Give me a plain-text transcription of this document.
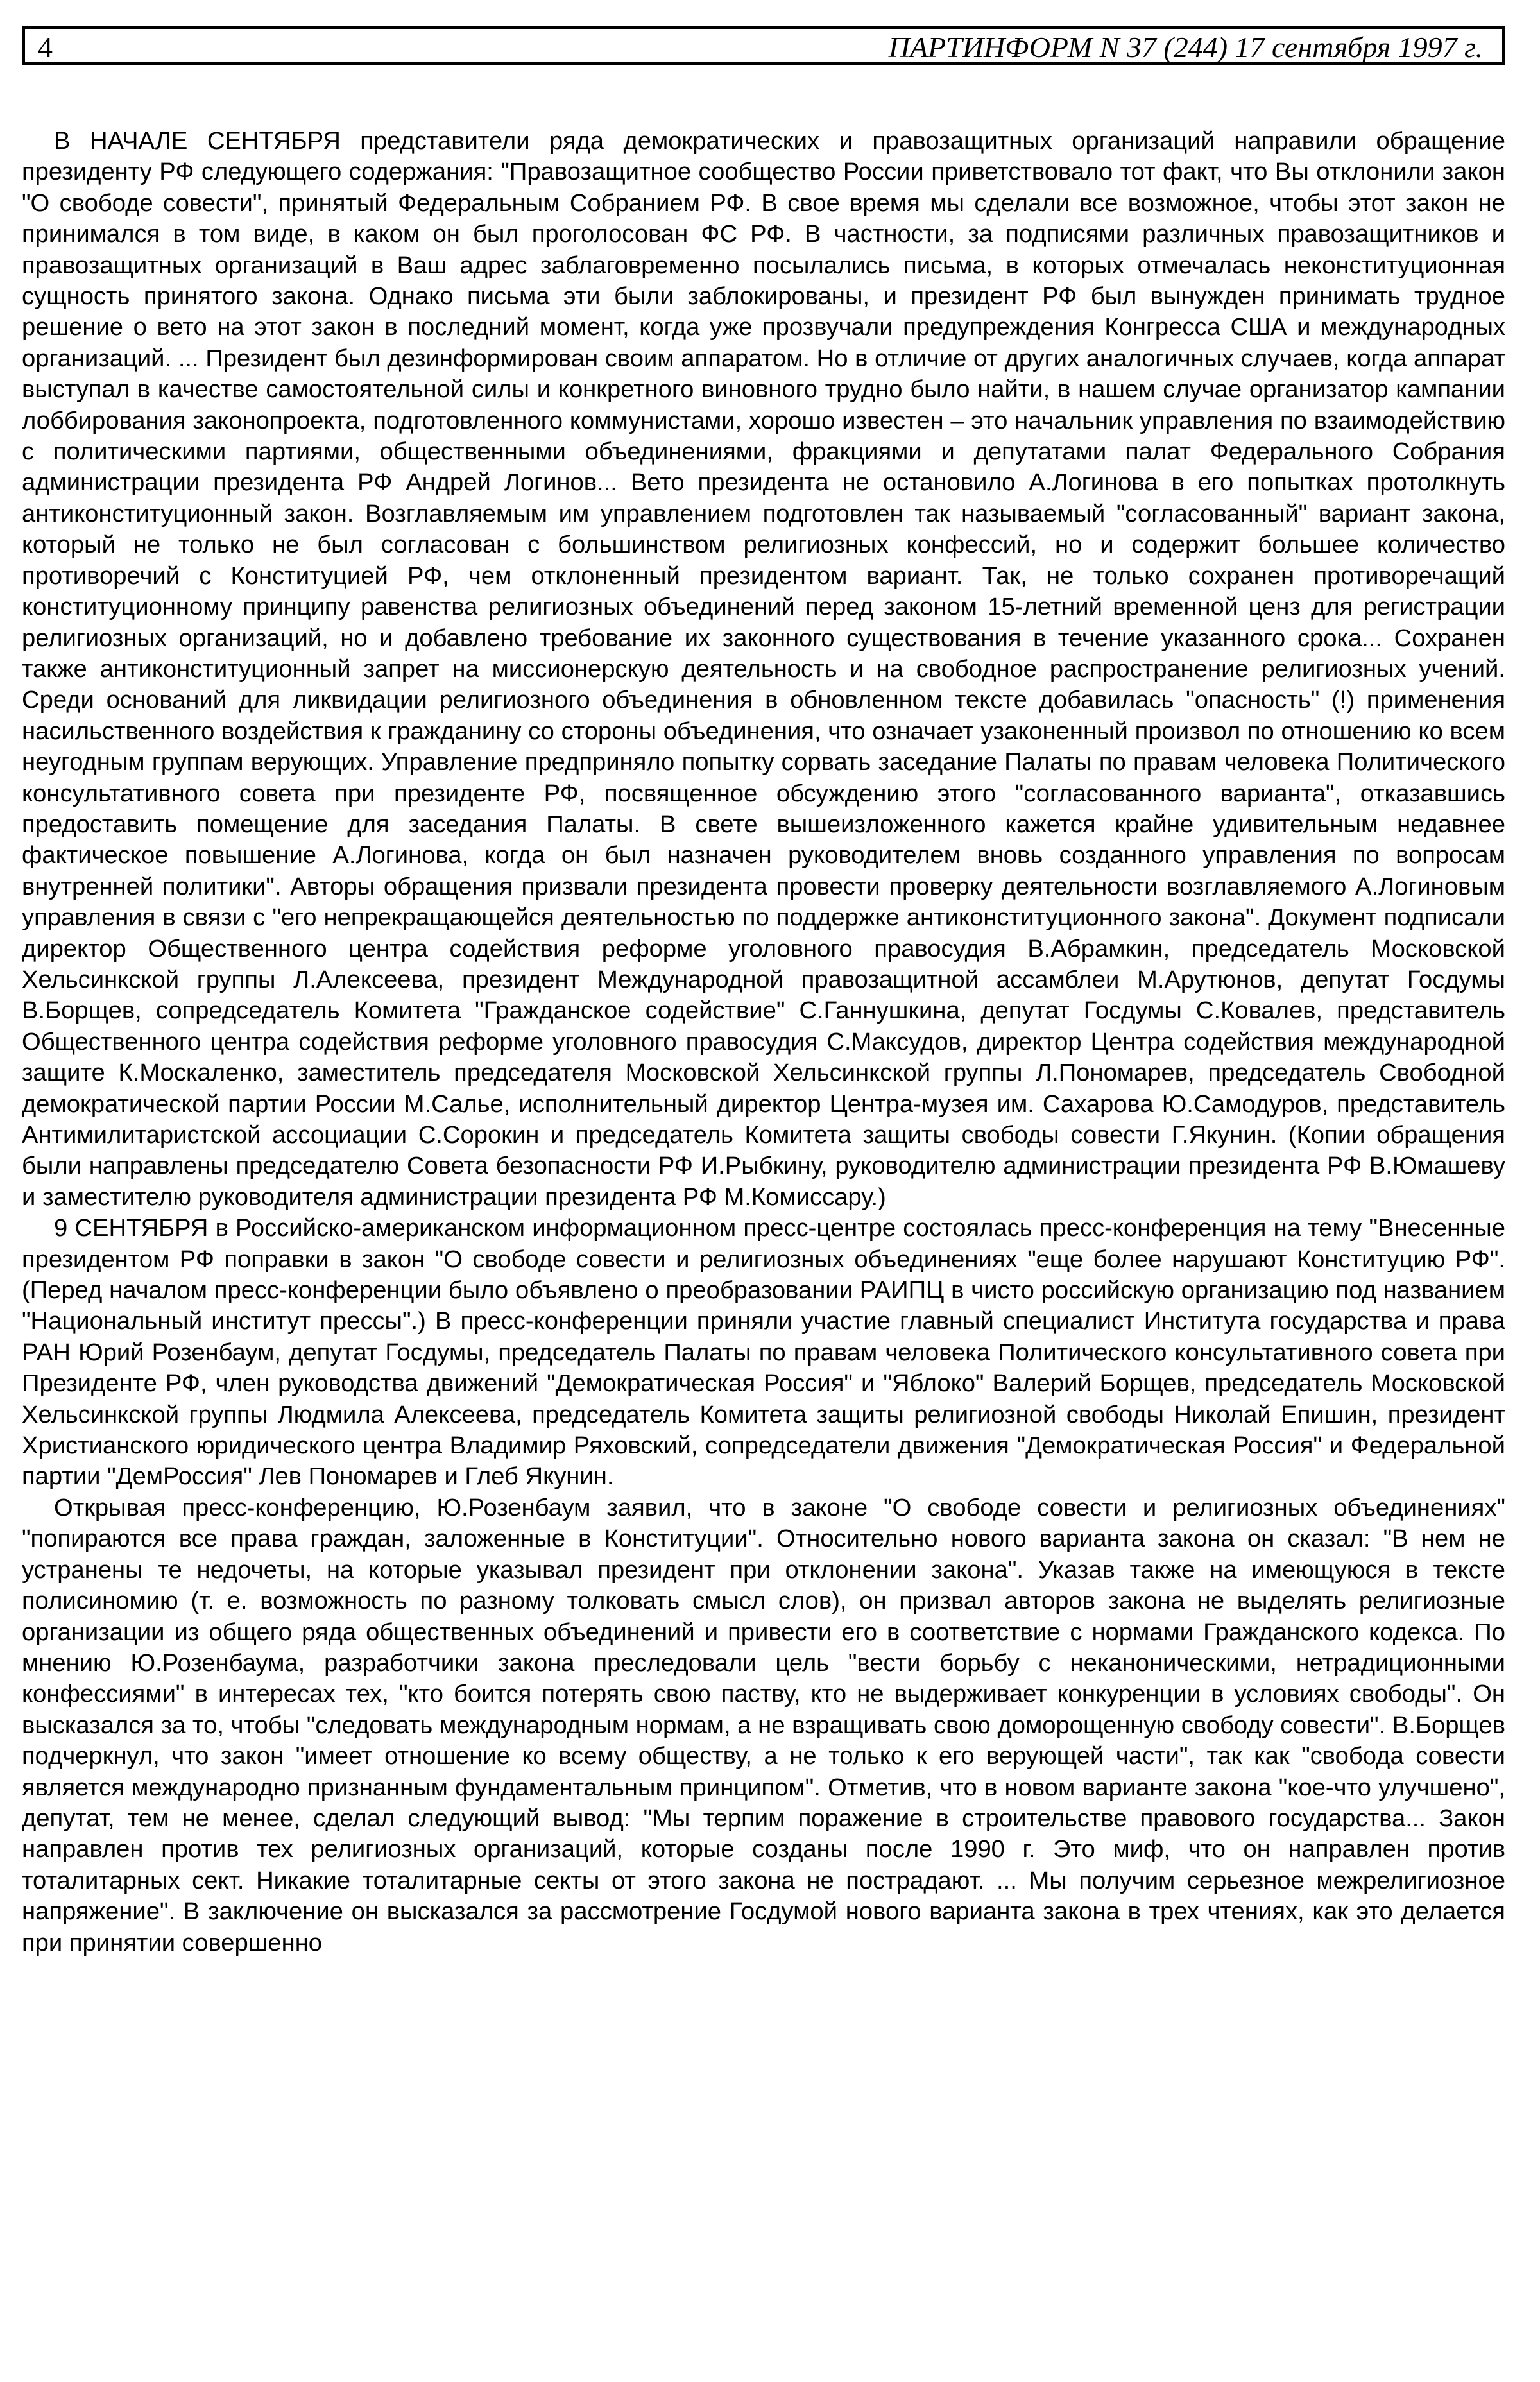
4	ПАРТИНФОРМ N 37 (244) 17 сентября 1997 г.

В НАЧАЛЕ СЕНТЯБРЯ представители ряда демократических и правозащитных организаций направили обращение президенту РФ следующего содержания: "Правозащитное сообщество России приветствовало тот факт, что Вы отклонили закон "О свободе совести", принятый Федеральным Собранием РФ. В свое время мы сделали все возможное, чтобы этот закон не принимался в том виде, в каком он был проголосован ФС РФ. В частности, за подписями различных правозащитников и правозащитных организаций в Ваш адрес заблаговременно посылались письма, в которых отмечалась неконституционная сущность принятого закона. Однако письма эти были заблокированы, и президент РФ был вынужден принимать трудное решение о вето на этот закон в последний момент, когда уже прозвучали предупреждения Конгресса США и международных организаций. ... Президент был дезинформирован своим аппаратом. Но в отличие от других аналогичных случаев, когда аппарат выступал в качестве самостоятельной силы и конкретного виновного трудно было найти, в нашем случае организатор кампании лоббирования законопроекта, подготовленного коммунистами, хорошо известен – это начальник управления по взаимодействию с политическими партиями, общественными объединениями, фракциями и депутатами палат Федерального Собрания администрации президента РФ Андрей Логинов... Вето президента не остановило А.Логинова в его попытках протолкнуть антиконституционный закон. Возглавляемым им управлением подготовлен так называемый "согласованный" вариант закона, который не только не был согласован с большинством религиозных конфессий, но и содержит большее количество противоречий с Конституцией РФ, чем отклоненный президентом вариант. Так, не только сохранен противоречащий конституционному принципу равенства религиозных объединений перед законом 15-летний временной ценз для регистрации религиозных организаций, но и добавлено требование их законного существования в течение указанного срока... Сохранен также антиконституционный запрет на миссионерскую деятельность и на свободное распространение религиозных учений. Среди оснований для ликвидации религиозного объединения в обновленном тексте добавилась "опасность" (!) применения насильственного воздействия к гражданину со стороны объединения, что означает узаконенный произвол по отношению ко всем неугодным группам верующих. Управление предприняло попытку сорвать заседание Палаты по правам человека Политического консультативного совета при президенте РФ, посвященное обсуждению этого "согласованного варианта", отказавшись предоставить помещение для заседания Палаты. В свете вышеизложенного кажется крайне удивительным недавнее фактическое повышение А.Логинова, когда он был назначен руководителем вновь созданного управления по вопросам внутренней политики". Авторы обращения призвали президента провести проверку деятельности возглавляемого А.Логиновым управления в связи с "его непрекращающейся деятельностью по поддержке антиконституционного закона". Документ подписали директор Общественного центра содействия реформе уголовного правосудия В.Абрамкин, председатель Московской Хельсинкской группы Л.Алексеева, президент Международной правозащитной ассамблеи М.Арутюнов, депутат Госдумы В.Борщев, сопредседатель Комитета "Гражданское содействие" С.Ганнушкина, депутат Госдумы С.Ковалев, представитель Общественного центра содействия реформе уголовного правосудия С.Максудов, директор Центра содействия международной защите К.Москаленко, заместитель председателя Московской Хельсинкской группы Л.Пономарев, председатель Свободной демократической партии России М.Салье, исполнительный директор Центра-музея им. Сахарова Ю.Самодуров, представитель Антимилитаристской ассоциации С.Сорокин и председатель Комитета защиты свободы совести Г.Якунин. (Копии обращения были направлены председателю Совета безопасности РФ И.Рыбкину, руководителю администрации президента РФ В.Юмашеву и заместителю руководителя администрации президента РФ М.Комиссару.)

9 СЕНТЯБРЯ в Российско-американском информационном пресс-центре состоялась пресс-конференция на тему "Внесенные президентом РФ поправки в закон "О свободе совести и религиозных объединениях "еще более нарушают Конституцию РФ". (Перед началом пресс-конференции было объявлено о преобразовании РАИПЦ в чисто российскую организацию под названием "Национальный институт прессы".) В пресс-конференции приняли участие главный специалист Института государства и права РАН Юрий Розенбаум, депутат Госдумы, председатель Палаты по правам человека Политического консультативного совета при Президенте РФ, член руководства движений "Демократическая Россия" и "Яблоко" Валерий Борщев, председатель Московской Хельсинкской группы Людмила Алексеева, председатель Комитета защиты религиозной свободы Николай Епишин, президент Христианского юридического центра Владимир Ряховский, сопредседатели движения "Демократическая Россия" и Федеральной партии "ДемРоссия" Лев Пономарев и Глеб Якунин.

Открывая пресс-конференцию, Ю.Розенбаум заявил, что в законе "О свободе совести и религиозных объединениях" "попираются все права граждан, заложенные в Конституции". Относительно нового варианта закона он сказал: "В нем не устранены те недочеты, на которые указывал президент при отклонении закона". Указав также на имеющуюся в тексте полисиномию (т. е. возможность по разному толковать смысл слов), он призвал авторов закона не выделять религиозные организации из общего ряда общественных объединений и привести его в соответствие с нормами Гражданского кодекса. По мнению Ю.Розенбаума, разработчики закона преследовали цель "вести борьбу с неканоническими, нетрадиционными конфессиями" в интересах тех, "кто боится потерять свою паству, кто не выдерживает конкуренции в условиях свободы". Он высказался за то, чтобы "следовать международным нормам, а не взращивать свою доморощенную свободу совести". В.Борщев подчеркнул, что закон "имеет отношение ко всему обществу, а не только к его верующей части", так как "свобода совести является международно признанным фундаментальным принципом". Отметив, что в новом варианте закона "кое-что улучшено", депутат, тем не менее, сделал следующий вывод: "Мы терпим поражение в строительстве правового государства... Закон направлен против тех религиозных организаций, которые созданы после 1990 г. Это миф, что он направлен против тоталитарных сект. Никакие тоталитарные секты от этого закона не пострадают. ... Мы получим серьезное межрелигиозное напряжение". В заключение он высказался за рассмотрение Госдумой нового варианта закона в трех чтениях, как это делается при принятии совершенно
